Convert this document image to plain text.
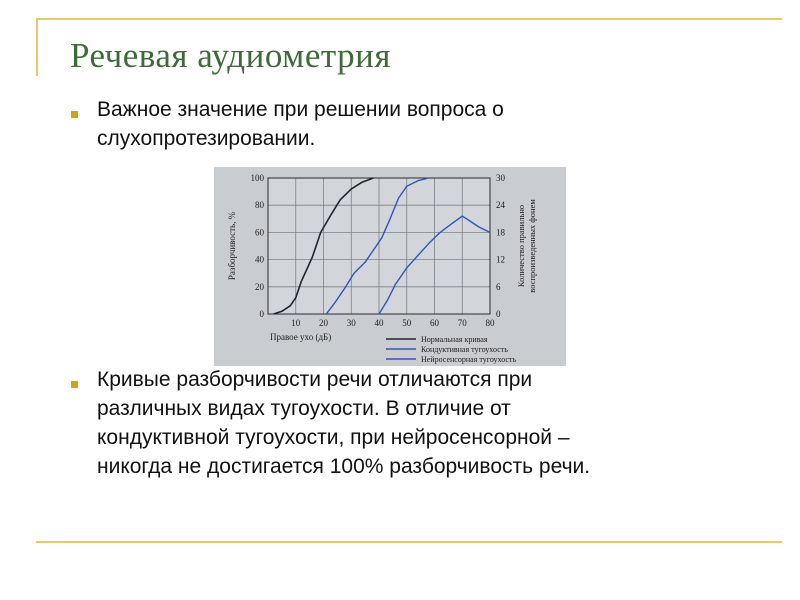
Речевая аудиометрия
Важное значение при решении вопроса о
слухопротезировании.
0
20
40
60
80
100
0
6
12
18
24
30
10 20 30 40 50 60 70 80
Правое ухо (дБ)
Разборчивость, %	Количество правильно воспроизведенных фонем
Нормальная кривая
Кондуктивная тугоухость
Нейросенсорная тугоухость
Кривые разборчивости речи отличаются при
различных видах тугоухости. В отличие от
кондуктивной тугоухости, при нейросенсорной –
никогда не достигается 100% разборчивость речи.
